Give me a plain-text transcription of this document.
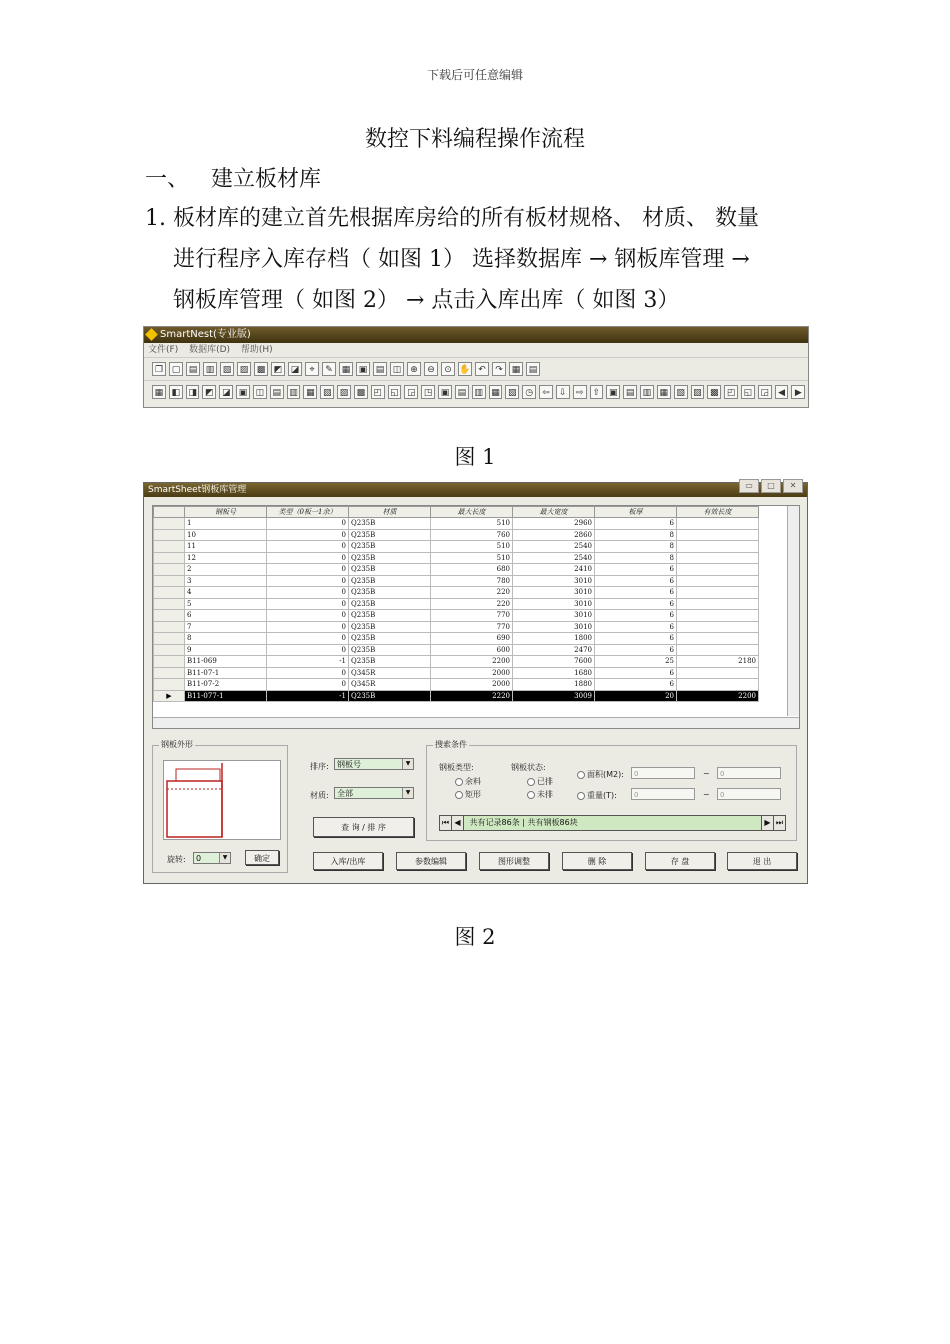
下载后可任意编辑
数控下料编程操作流程
一、 建立板材库
1. 板材库的建立首先根据库房给的所有板材规格、 材质、 数量
进行程序入库存档（ 如图 1） 选择数据库 → 钢板库管理 →
钢板库管理（ 如图 2） → 点击入库出库（ 如图 3）
SmartNest(专业版)
文件(F) 数据库(D) 帮助(H)
❐ ▢ ▤ ▥ ▧ ▨ ▩ ◩ ◪	⌖	✎ ▦ ▣ ▤ ◫ ⊕	⊖	⊙ ✋ ↶	↷ ▦ ▤
▦ ◧ ◨ ◩ ◪ ▣ ◫ ▤ ▥ ▦ ▧ ▨ ▩ ◰ ◱ ◲ ◳ ▣ ▤ ▥ ▦ ▧ ◷	⇦	⇩	⇨	⇧ ▣ ▤ ▥ ▦ ▧ ▨ ▩ ◰ ◱ ◲	◀	▶
图 1
SmartSheet钢板库管理	▭	□	✕
	钢板号	类型（0板一1余）	材质	最大长度	最大宽度	板厚	有效长度
	1	0	Q235B	510	2960	6	
	10	0	Q235B	760	2860	8	
	11	0	Q235B	510	2540	8	
	12	0	Q235B	510	2540	8	
	2	0	Q235B	680	2410	6	
	3	0	Q235B	780	3010	6	
	4	0	Q235B	220	3010	6	
	5	0	Q235B	220	3010	6	
	6	0	Q235B	770	3010	6	
	7	0	Q235B	770	3010	6	
	8	0	Q235B	690	1800	6	
	9	0	Q235B	600	2470	6	
	B11-069	-1	Q235B	2200	7600	25	2180
	B11-07-1	0	Q345R	2000	1680	6	
	B11-07-2	0	Q345R	2000	1880	6	
▶	B11-077-1	-1	Q235B	2220	3009	20	2200
钢板外形
旋转:	0	▼	确定
排序:	钢板号	▼
材质:	全部	▼
查 询 / 排 序
搜索条件
钢板类型:	钢板状态:
余料
矩形
已排
未排
面积(M2):	0	~	0
重量(T):	0	~	0
⏮ ◀ 共有记录86条 | 共有钢板86块	▶ ⏭
入库/出库	参数编辑	图形调整	删 除	存 盘	退 出
图 2
